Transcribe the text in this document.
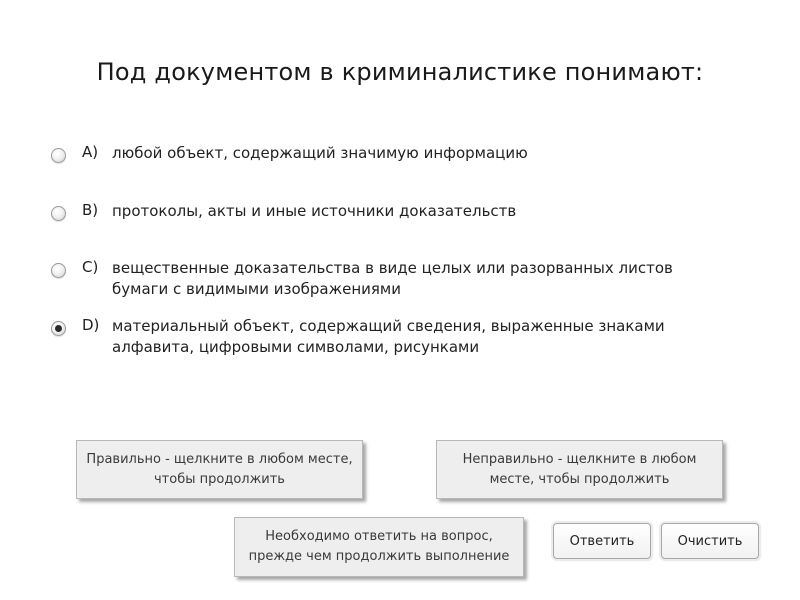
Под документом в криминалистике понимают:
A) любой объект, содержащий значимую информацию
B) протоколы, акты и иные источники доказательств
C) вещественные доказательства в виде целых или разорванных листов бумаги с видимыми изображениями
D) материальный объект, содержащий сведения, выраженные знаками алфавита, цифровыми символами, рисунками
Правильно - щелкните в любом месте, чтобы продолжить
Неправильно - щелкните в любом месте, чтобы продолжить
Необходимо ответить на вопрос, прежде чем продолжить выполнение
Ответить	Очистить
